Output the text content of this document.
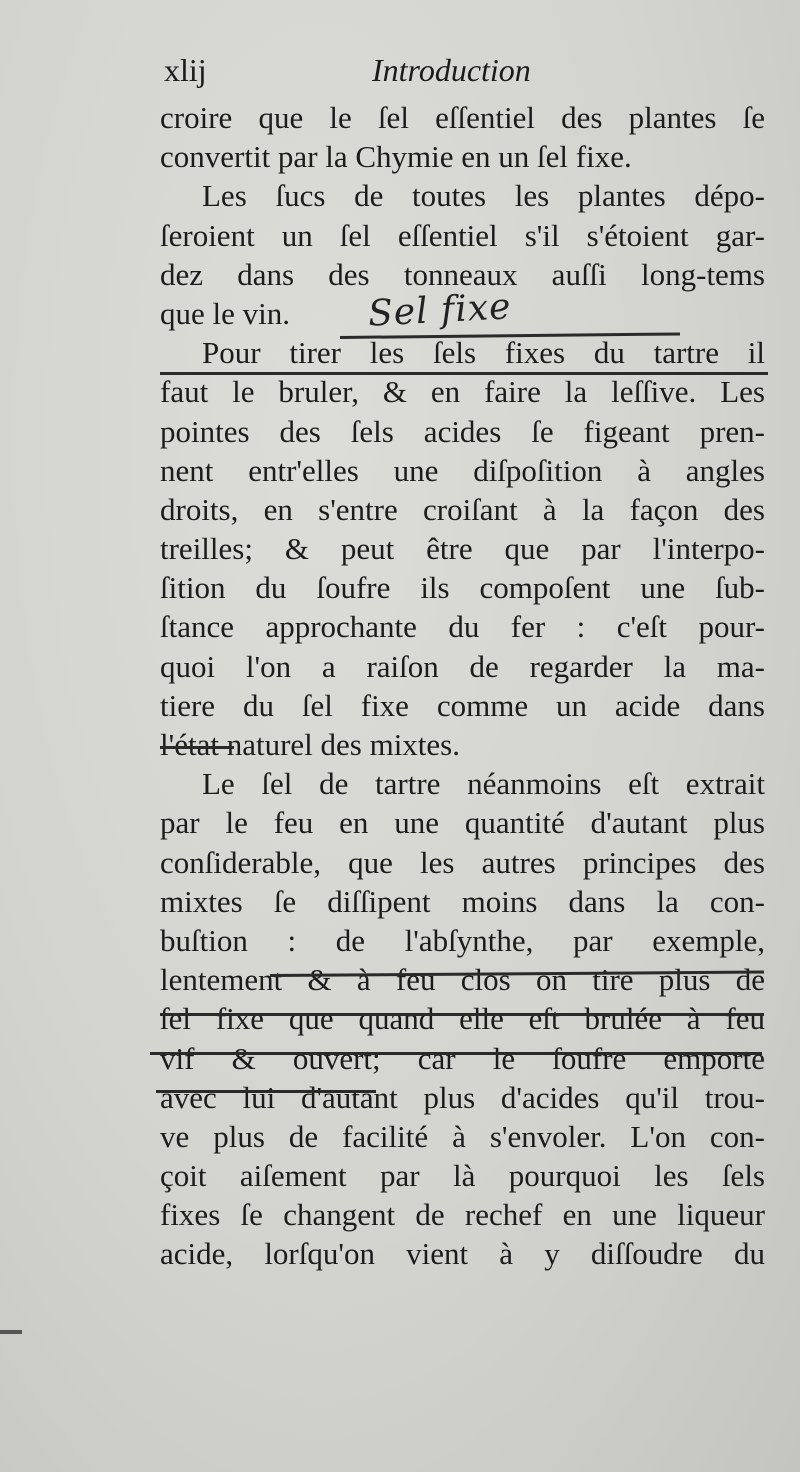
xlij	Introduction
croire que le ſel eſſentiel des plantes ſe
convertit par la Chymie en un ſel fixe.
Les ſucs de toutes les plantes dépo-
ſeroient un ſel eſſentiel s'il s'étoient gar-
dez dans des tonneaux auſſi long-tems
que le vin.
Pour tirer les ſels fixes du tartre il
faut le bruler, & en faire la leſſive. Les
pointes des ſels acides ſe figeant pren-
nent entr'elles une diſpoſition à angles
droits, en s'entre croiſant à la façon des
treilles; & peut être que par l'interpo-
ſition du ſoufre ils compoſent une ſub-
ſtance approchante du fer : c'eſt pour-
quoi l'on a raiſon de regarder la ma-
tiere du ſel fixe comme un acide dans
l'état naturel des mixtes.
Le ſel de tartre néanmoins eſt extrait
par le feu en une quantité d'autant plus
conſiderable, que les autres principes des
mixtes ſe diſſipent moins dans la con-
buſtion : de l'abſynthe, par exemple,
lentement & à feu clos on tire plus de
ſel fixe que quand elle eſt brulée à feu
vif & ouvert; car le ſoufre emporte
avec lui d'autant plus d'acides qu'il trou-
ve plus de facilité à s'envoler. L'on con-
çoit aiſement par là pourquoi les ſels
fixes ſe changent de rechef en une liqueur
acide, lorſqu'on vient à y diſſoudre du
Sel fixe
